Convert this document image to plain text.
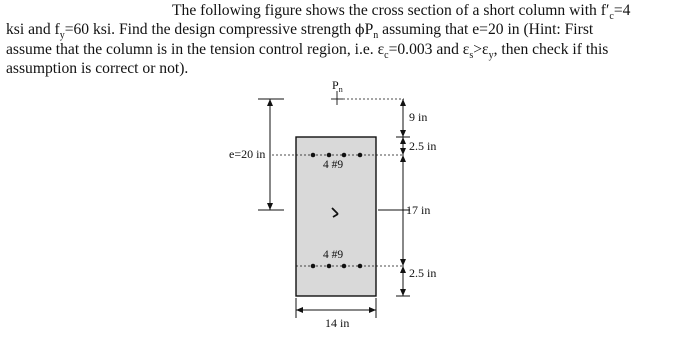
The following figure shows the cross section of a short column with $f'_c=4$
ksi and $f_y=60$ ksi. Find the design compressive strength $\phi P_n$ assuming that e=20 in (Hint: First
assume that the column is in the tension control region, i.e. $\varepsilon_c=0.003$ and $\varepsilon_s>\varepsilon_y$, then check if this
assumption is correct or not).
$P_n$
e=20 in
4 #9
4 #9
9 in
2.5 in
17 in
2.5 in
14 in
